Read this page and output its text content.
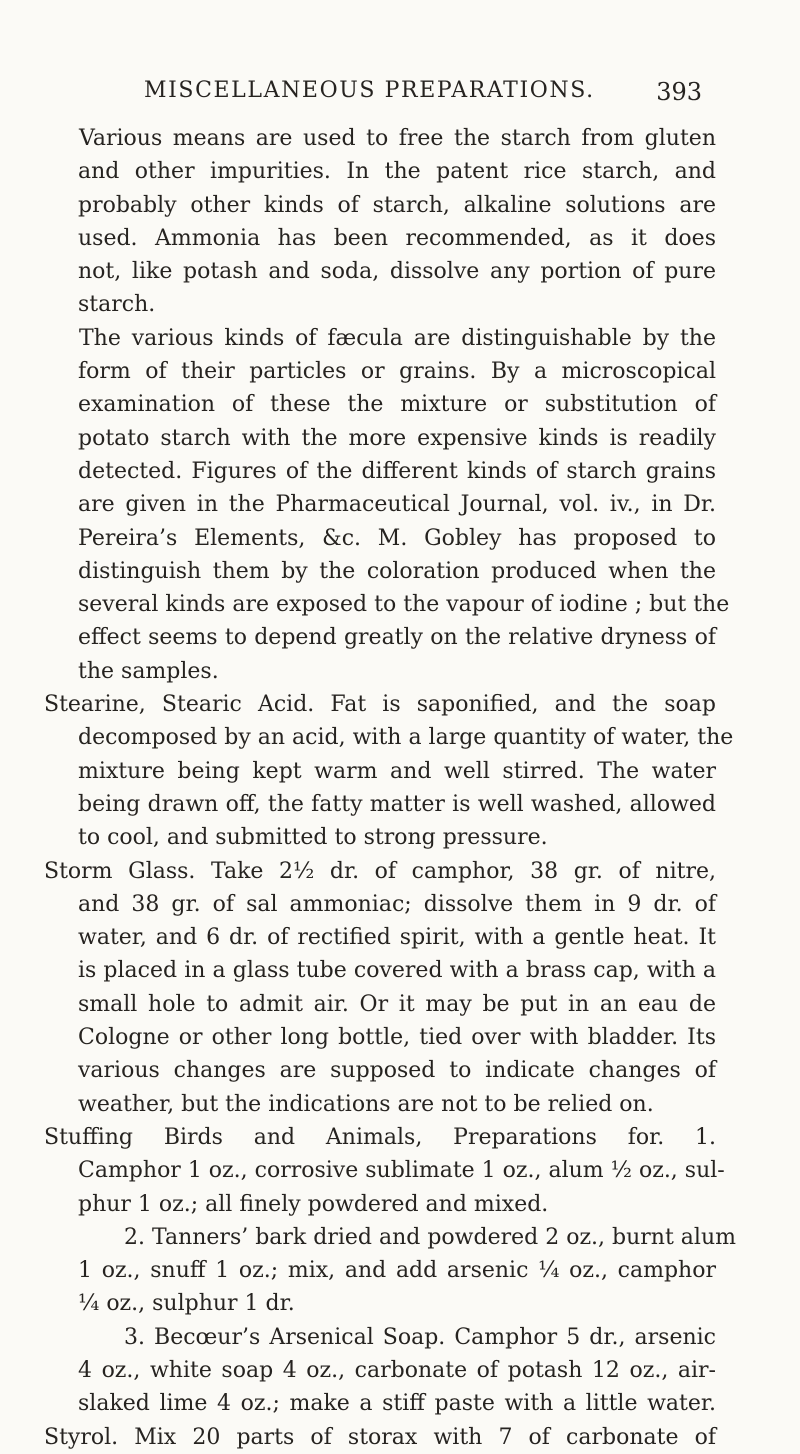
MISCELLANEOUS PREPARATIONS.	393
Various means are used to free the starch from gluten
and other impurities. In the patent rice starch, and
probably other kinds of starch, alkaline solutions are
used. Ammonia has been recommended, as it does
not, like potash and soda, dissolve any portion of pure
starch.
The various kinds of fæcula are distinguishable by the
form of their particles or grains. By a microscopical
examination of these the mixture or substitution of
potato starch with the more expensive kinds is readily
detected. Figures of the different kinds of starch grains
are given in the Pharmaceutical Journal, vol. iv., in Dr.
Pereira’s Elements, &c. M. Gobley has proposed to
distinguish them by the coloration produced when the
several kinds are exposed to the vapour of iodine ; but the
effect seems to depend greatly on the relative dryness of
the samples.
Stearine, Stearic Acid. Fat is saponified, and the soap
decomposed by an acid, with a large quantity of water, the
mixture being kept warm and well stirred. The water
being drawn off, the fatty matter is well washed, allowed
to cool, and submitted to strong pressure.
Storm Glass. Take 2½ dr. of camphor, 38 gr. of nitre,
and 38 gr. of sal ammoniac; dissolve them in 9 dr. of
water, and 6 dr. of rectified spirit, with a gentle heat. It
is placed in a glass tube covered with a brass cap, with a
small hole to admit air. Or it may be put in an eau de
Cologne or other long bottle, tied over with bladder. Its
various changes are supposed to indicate changes of
weather, but the indications are not to be relied on.
Stuffing Birds and Animals, Preparations for. 1.
Camphor 1 oz., corrosive sublimate 1 oz., alum ½ oz., sul-
phur 1 oz.; all finely powdered and mixed.
2. Tanners’ bark dried and powdered 2 oz., burnt alum
1 oz., snuff 1 oz.; mix, and add arsenic ¼ oz., camphor
¼ oz., sulphur 1 dr.
3. Becœur’s Arsenical Soap. Camphor 5 dr., arsenic
4 oz., white soap 4 oz., carbonate of potash 12 oz., air-
slaked lime 4 oz.; make a stiff paste with a little water.
Styrol. Mix 20 parts of storax with 7 of carbonate of
